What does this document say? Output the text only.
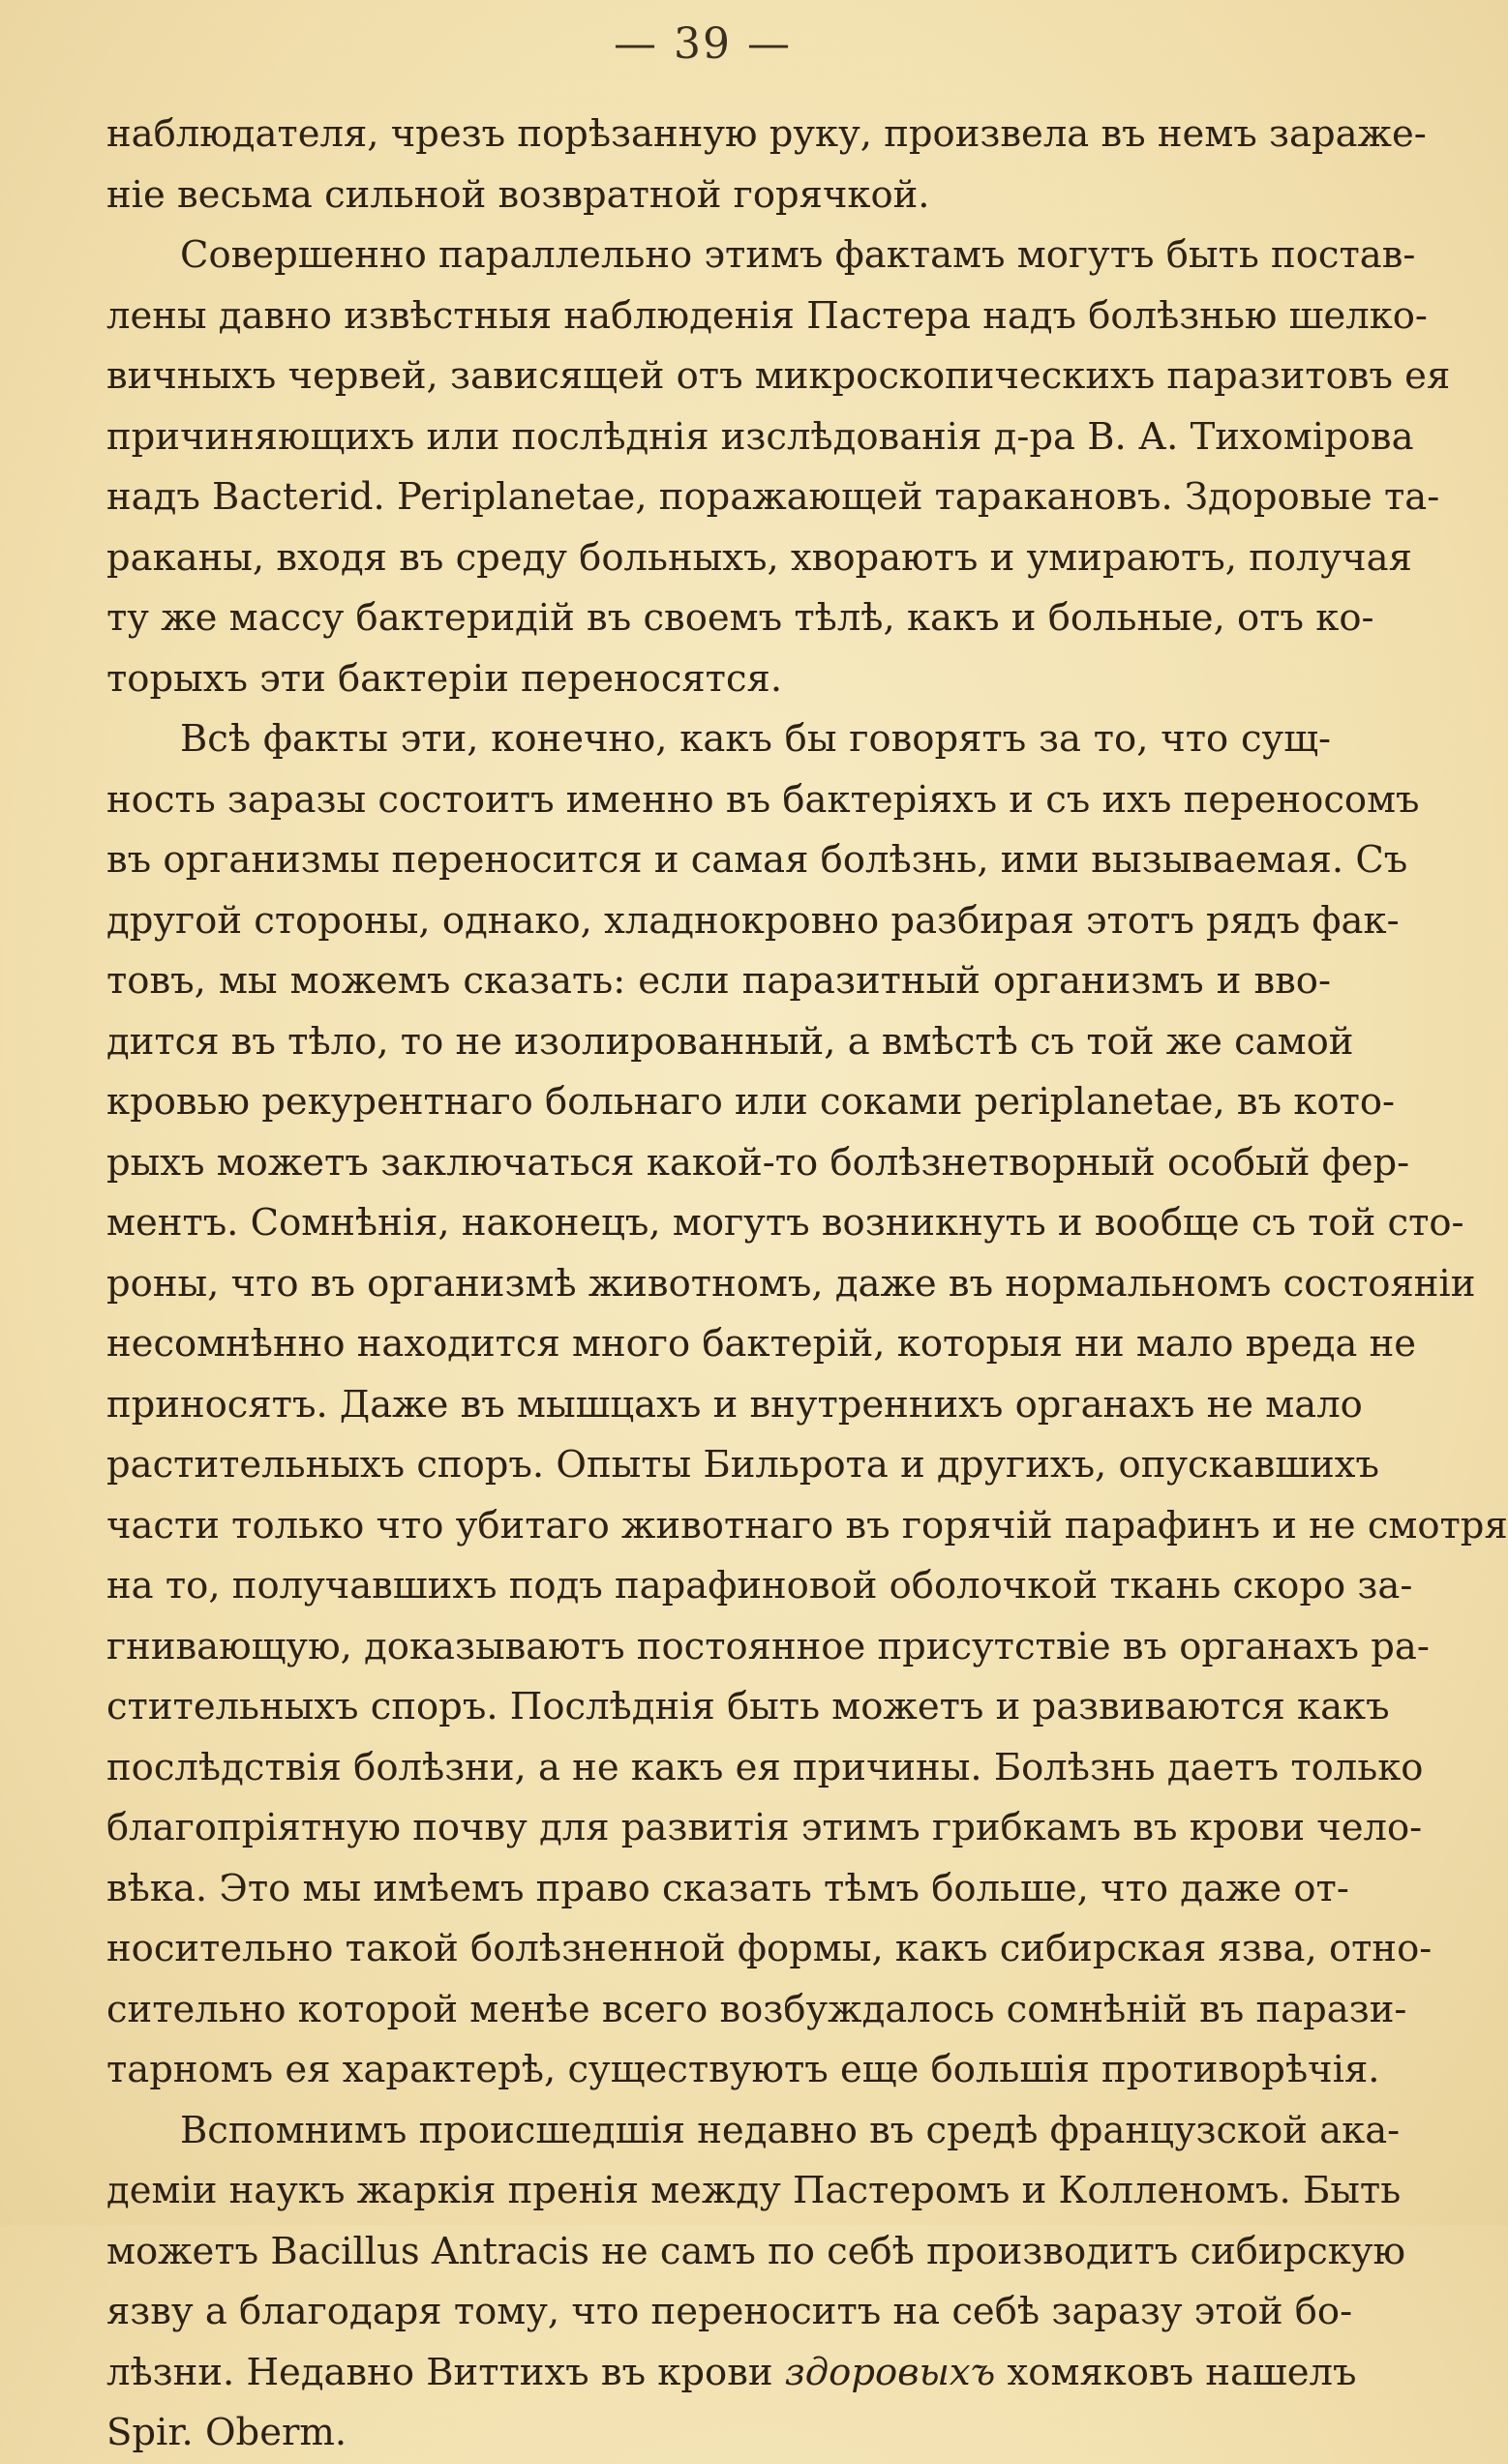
— 39 —
наблюдателя, чрезъ порѣзанную руку, произвела въ немъ зараже-
ніе весьма сильной возвратной горячкой.
Совершенно параллельно этимъ фактамъ могутъ быть постав-
лены давно извѣстныя наблюденія Пастера надъ болѣзнью шелко-
вичныхъ червей, зависящей отъ микроскопическихъ паразитовъ ея
причиняющихъ или послѣднія изслѣдованія д-ра В. А. Тихоміровa
надъ Bacterid. Periplanetae, поражающей таракановъ. Здоровые та-
раканы, входя въ среду больныхъ, хвораютъ и умираютъ, получая
ту же массу бактеридій въ своемъ тѣлѣ, какъ и больные, отъ ко-
торыхъ эти бактеріи переносятся.
Всѣ факты эти, конечно, какъ бы говорятъ за то, что сущ-
ность заразы состоитъ именно въ бактеріяхъ и съ ихъ переносомъ
въ организмы переносится и самая болѣзнь, ими вызываемая. Съ
другой стороны, однако, хладнокровно разбирая этотъ рядъ фак-
товъ, мы можемъ сказать: если паразитный организмъ и вво-
дится въ тѣло, то не изолированный, а вмѣстѣ съ той же самой
кровью рекурентнаго больнаго или соками periplanetae, въ кото-
рыхъ можетъ заключаться какой-то болѣзнетворный особый фер-
ментъ. Сомнѣнія, наконецъ, могутъ возникнуть и вообще съ той сто-
роны, что въ организмѣ животномъ, даже въ нормальномъ состояніи
несомнѣнно находится много бактерій, которыя ни мало вреда не
приносятъ. Даже въ мышцахъ и внутреннихъ органахъ не мало
растительныхъ споръ. Опыты Бильрота и другихъ, опускавшихъ
части только что убитаго животнаго въ горячій парафинъ и не смотря
на то, получавшихъ подъ парафиновой оболочкой ткань скоро за-
гнивающую, доказываютъ постоянное присутствіе въ органахъ ра-
стительныхъ споръ. Послѣднія быть можетъ и развиваются какъ
послѣдствія болѣзни, а не какъ ея причины. Болѣзнь даетъ только
благопріятную почву для развитія этимъ грибкамъ въ крови чело-
вѣка. Это мы имѣемъ право сказать тѣмъ больше, что даже от-
носительно такой болѣзненной формы, какъ сибирская язва, отно-
сительно которой менѣе всего возбуждалось сомнѣній въ парази-
тарномъ ея характерѣ, существуютъ еще большія противорѣчія.
Вспомнимъ происшедшія недавно въ средѣ французской ака-
деміи наукъ жаркія пренія между Пастеромъ и Колленомъ. Быть
можетъ Bacillus Antracis не самъ по себѣ производитъ сибирскую
язву а благодаря тому, что переноситъ на себѣ заразу этой бо-
лѣзни. Недавно Виттихъ въ крови здоровыхъ хомяковъ нашелъ
Spir. Oberm.
